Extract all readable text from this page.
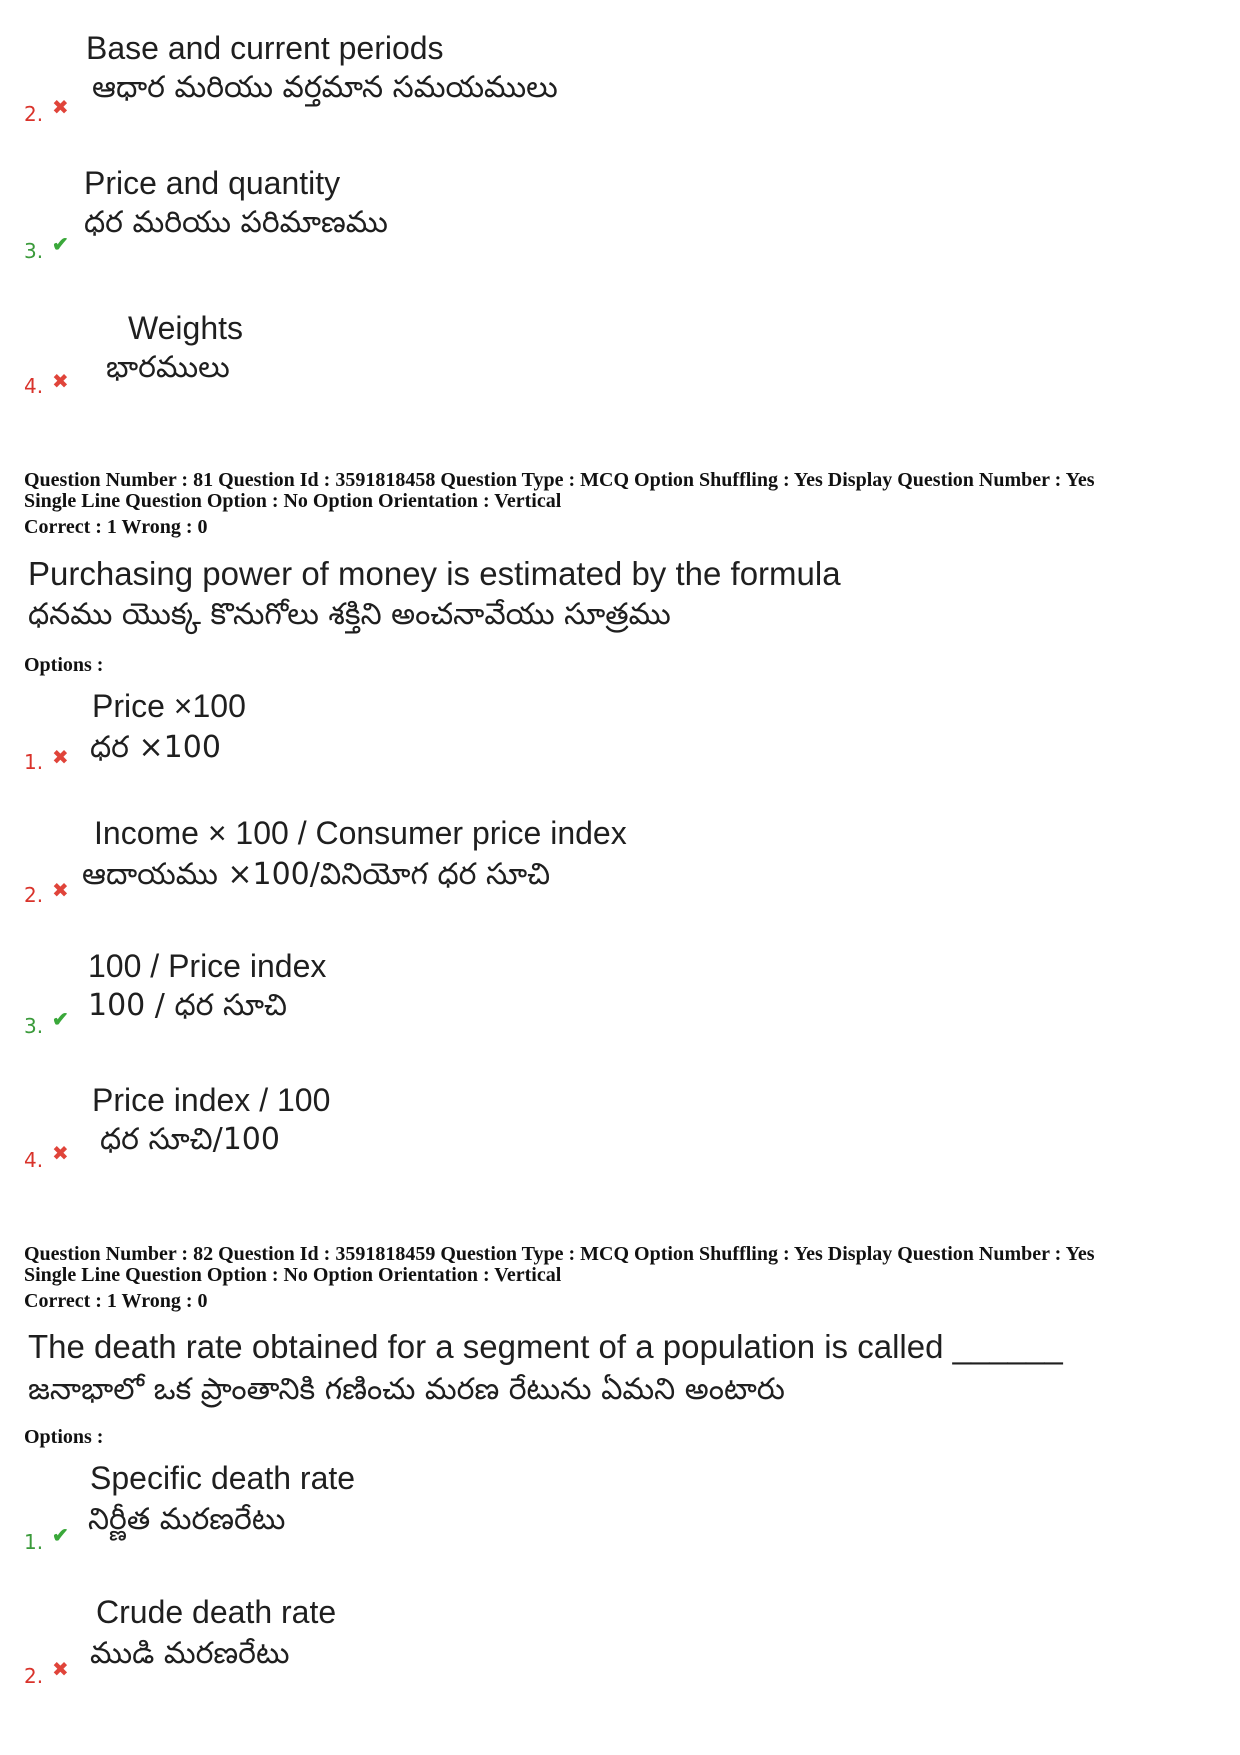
Base and current periods
ఆధార మరియు వర్తమాన సమయములు
2. ✖
Price and quantity
ధర మరియు పరిమాణము
3. ✔
Weights
భారములు
4. ✖
Question Number : 81 Question Id : 3591818458 Question Type : MCQ Option Shuffling : Yes Display Question Number : Yes
Single Line Question Option : No Option Orientation : Vertical
Correct : 1 Wrong : 0
Purchasing power of money is estimated by the formula
ధనము యొక్క కొనుగోలు శక్తిని అంచనావేయు సూత్రము
Options :
Price ×100
ధర ×100
1. ✖
Income × 100 / Consumer price index
ఆదాయము ×100/వినియోగ ధర సూచి
2. ✖
100 / Price index
100 / ధర సూచి
3. ✔
Price index / 100
ధర సూచి/100
4. ✖
Question Number : 82 Question Id : 3591818459 Question Type : MCQ Option Shuffling : Yes Display Question Number : Yes
Single Line Question Option : No Option Orientation : Vertical
Correct : 1 Wrong : 0
The death rate obtained for a segment of a population is called ______
జనాభాలో ఒక ప్రాంతానికి గణించు మరణ రేటును ఏమని అంటారు
Options :
Specific death rate
నిర్ణీత మరణరేటు
1. ✔
Crude death rate
ముడి మరణరేటు
2. ✖
